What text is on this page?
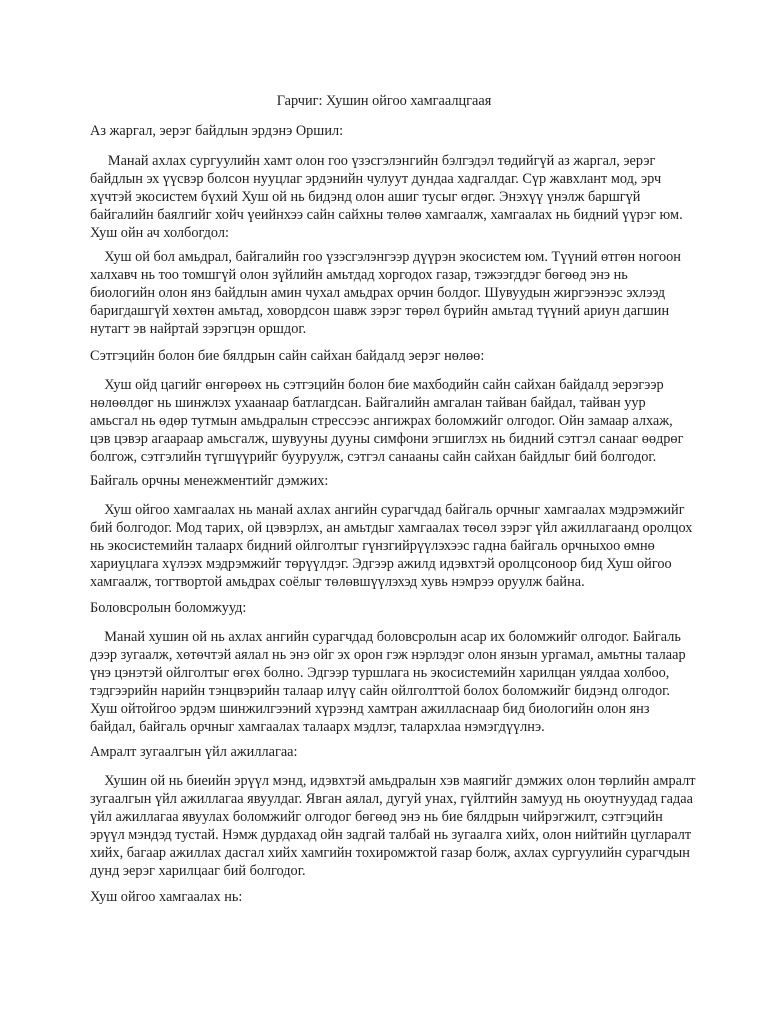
Гарчиг: Хушин ойгоо хамгаалцгаая
Аз жаргал, эерэг байдлын эрдэнэ Оршил:
Манай ахлах сургуулийн хамт олон гоо үзэсгэлэнгийн бэлгэдэл төдийгүй аз жаргал, эерэг
байдлын эх үүсвэр болсон нууцлаг эрдэнийн чулуут дундаа хадгалдаг. Сүр жавхлант мод, эрч
хүчтэй экосистем бүхий Хуш ой нь бидэнд олон ашиг тусыг өгдөг. Энэхүү үнэлж баршгүй
байгалийн баялгийг хойч үеийнхээ сайн сайхны төлөө хамгаалж, хамгаалах нь бидний үүрэг юм.
Хуш ойн ач холбогдол:
Хуш ой бол амьдрал, байгалийн гоо үзэсгэлэнгээр дүүрэн экосистем юм. Түүний өтгөн ногоон
халхавч нь тоо томшгүй олон зүйлийн амьтдад хоргодох газар, тэжээгддэг бөгөөд энэ нь
биологийн олон янз байдлын амин чухал амьдрах орчин болдог. Шувуудын жиргээнээс эхлээд
баригдашгүй хөхтөн амьтад, ховордсон шавж зэрэг төрөл бүрийн амьтад түүний ариун дагшин
нутагт эв найртай зэрэгцэн оршдог.
Сэтгэцийн болон бие бялдрын сайн сайхан байдалд эерэг нөлөө:
Хуш ойд цагийг өнгөрөөх нь сэтгэцийн болон бие махбодийн сайн сайхан байдалд эерэгээр
нөлөөлдөг нь шинжлэх ухаанаар батлагдсан. Байгалийн амгалан тайван байдал, тайван уур
амьсгал нь өдөр тутмын амьдралын стрессээс ангижрах боломжийг олгодог. Ойн замаар алхаж,
цэв цэвэр агаараар амьсгалж, шувууны дууны симфони эгшиглэх нь бидний сэтгэл санааг өөдрөг
болгож, сэтгэлийн түгшүүрийг бууруулж, сэтгэл санааны сайн сайхан байдлыг бий болгодог.
Байгаль орчны менежментийг дэмжих:
Хуш ойгоо хамгаалах нь манай ахлах ангийн сурагчдад байгаль орчныг хамгаалах мэдрэмжийг
бий болгодог. Мод тарих, ой цэвэрлэх, ан амьтдыг хамгаалах төсөл зэрэг үйл ажиллагаанд оролцох
нь экосистемийн талаарх бидний ойлголтыг гүнзгийрүүлэхээс гадна байгаль орчныхоо өмнө
хариуцлага хүлээх мэдрэмжийг төрүүлдэг. Эдгээр ажилд идэвхтэй оролцсоноор бид Хуш ойгоо
хамгаалж, тогтвортой амьдрах соёлыг төлөвшүүлэхэд хувь нэмрээ оруулж байна.
Боловсролын боломжууд:
Манай хушин ой нь ахлах ангийн сурагчдад боловсролын асар их боломжийг олгодог. Байгаль
дээр зугаалж, хөтөчтэй аялал нь энэ ойг эх орон гэж нэрлэдэг олон янзын ургамал, амьтны талаар
үнэ цэнэтэй ойлголтыг өгөх болно. Эдгээр туршлага нь экосистемийн харилцан уялдаа холбоо,
тэдгээрийн нарийн тэнцвэрийн талаар илүү сайн ойлголттой болох боломжийг бидэнд олгодог.
Хуш ойтойгоо эрдэм шинжилгээний хүрээнд хамтран ажилласнаар бид биологийн олон янз
байдал, байгаль орчныг хамгаалах талаарх мэдлэг, талархлаа нэмэгдүүлнэ.
Амралт зугаалгын үйл ажиллагаа:
Хушин ой нь биеийн эрүүл мэнд, идэвхтэй амьдралын хэв маягийг дэмжих олон төрлийн амралт
зугаалгын үйл ажиллагаа явуулдаг. Явган аялал, дугуй унах, гүйлтийн замууд нь оюутнуудад гадаа
үйл ажиллагаа явуулах боломжийг олгодог бөгөөд энэ нь бие бялдрын чийрэгжилт, сэтгэцийн
эрүүл мэндэд тустай. Нэмж дурдахад ойн задгай талбай нь зугаалга хийх, олон нийтийн цугларалт
хийх, багаар ажиллах дасгал хийх хамгийн тохиромжтой газар болж, ахлах сургуулийн сурагчдын
дунд эерэг харилцааг бий болгодог.
Хуш ойгоо хамгаалах нь:
